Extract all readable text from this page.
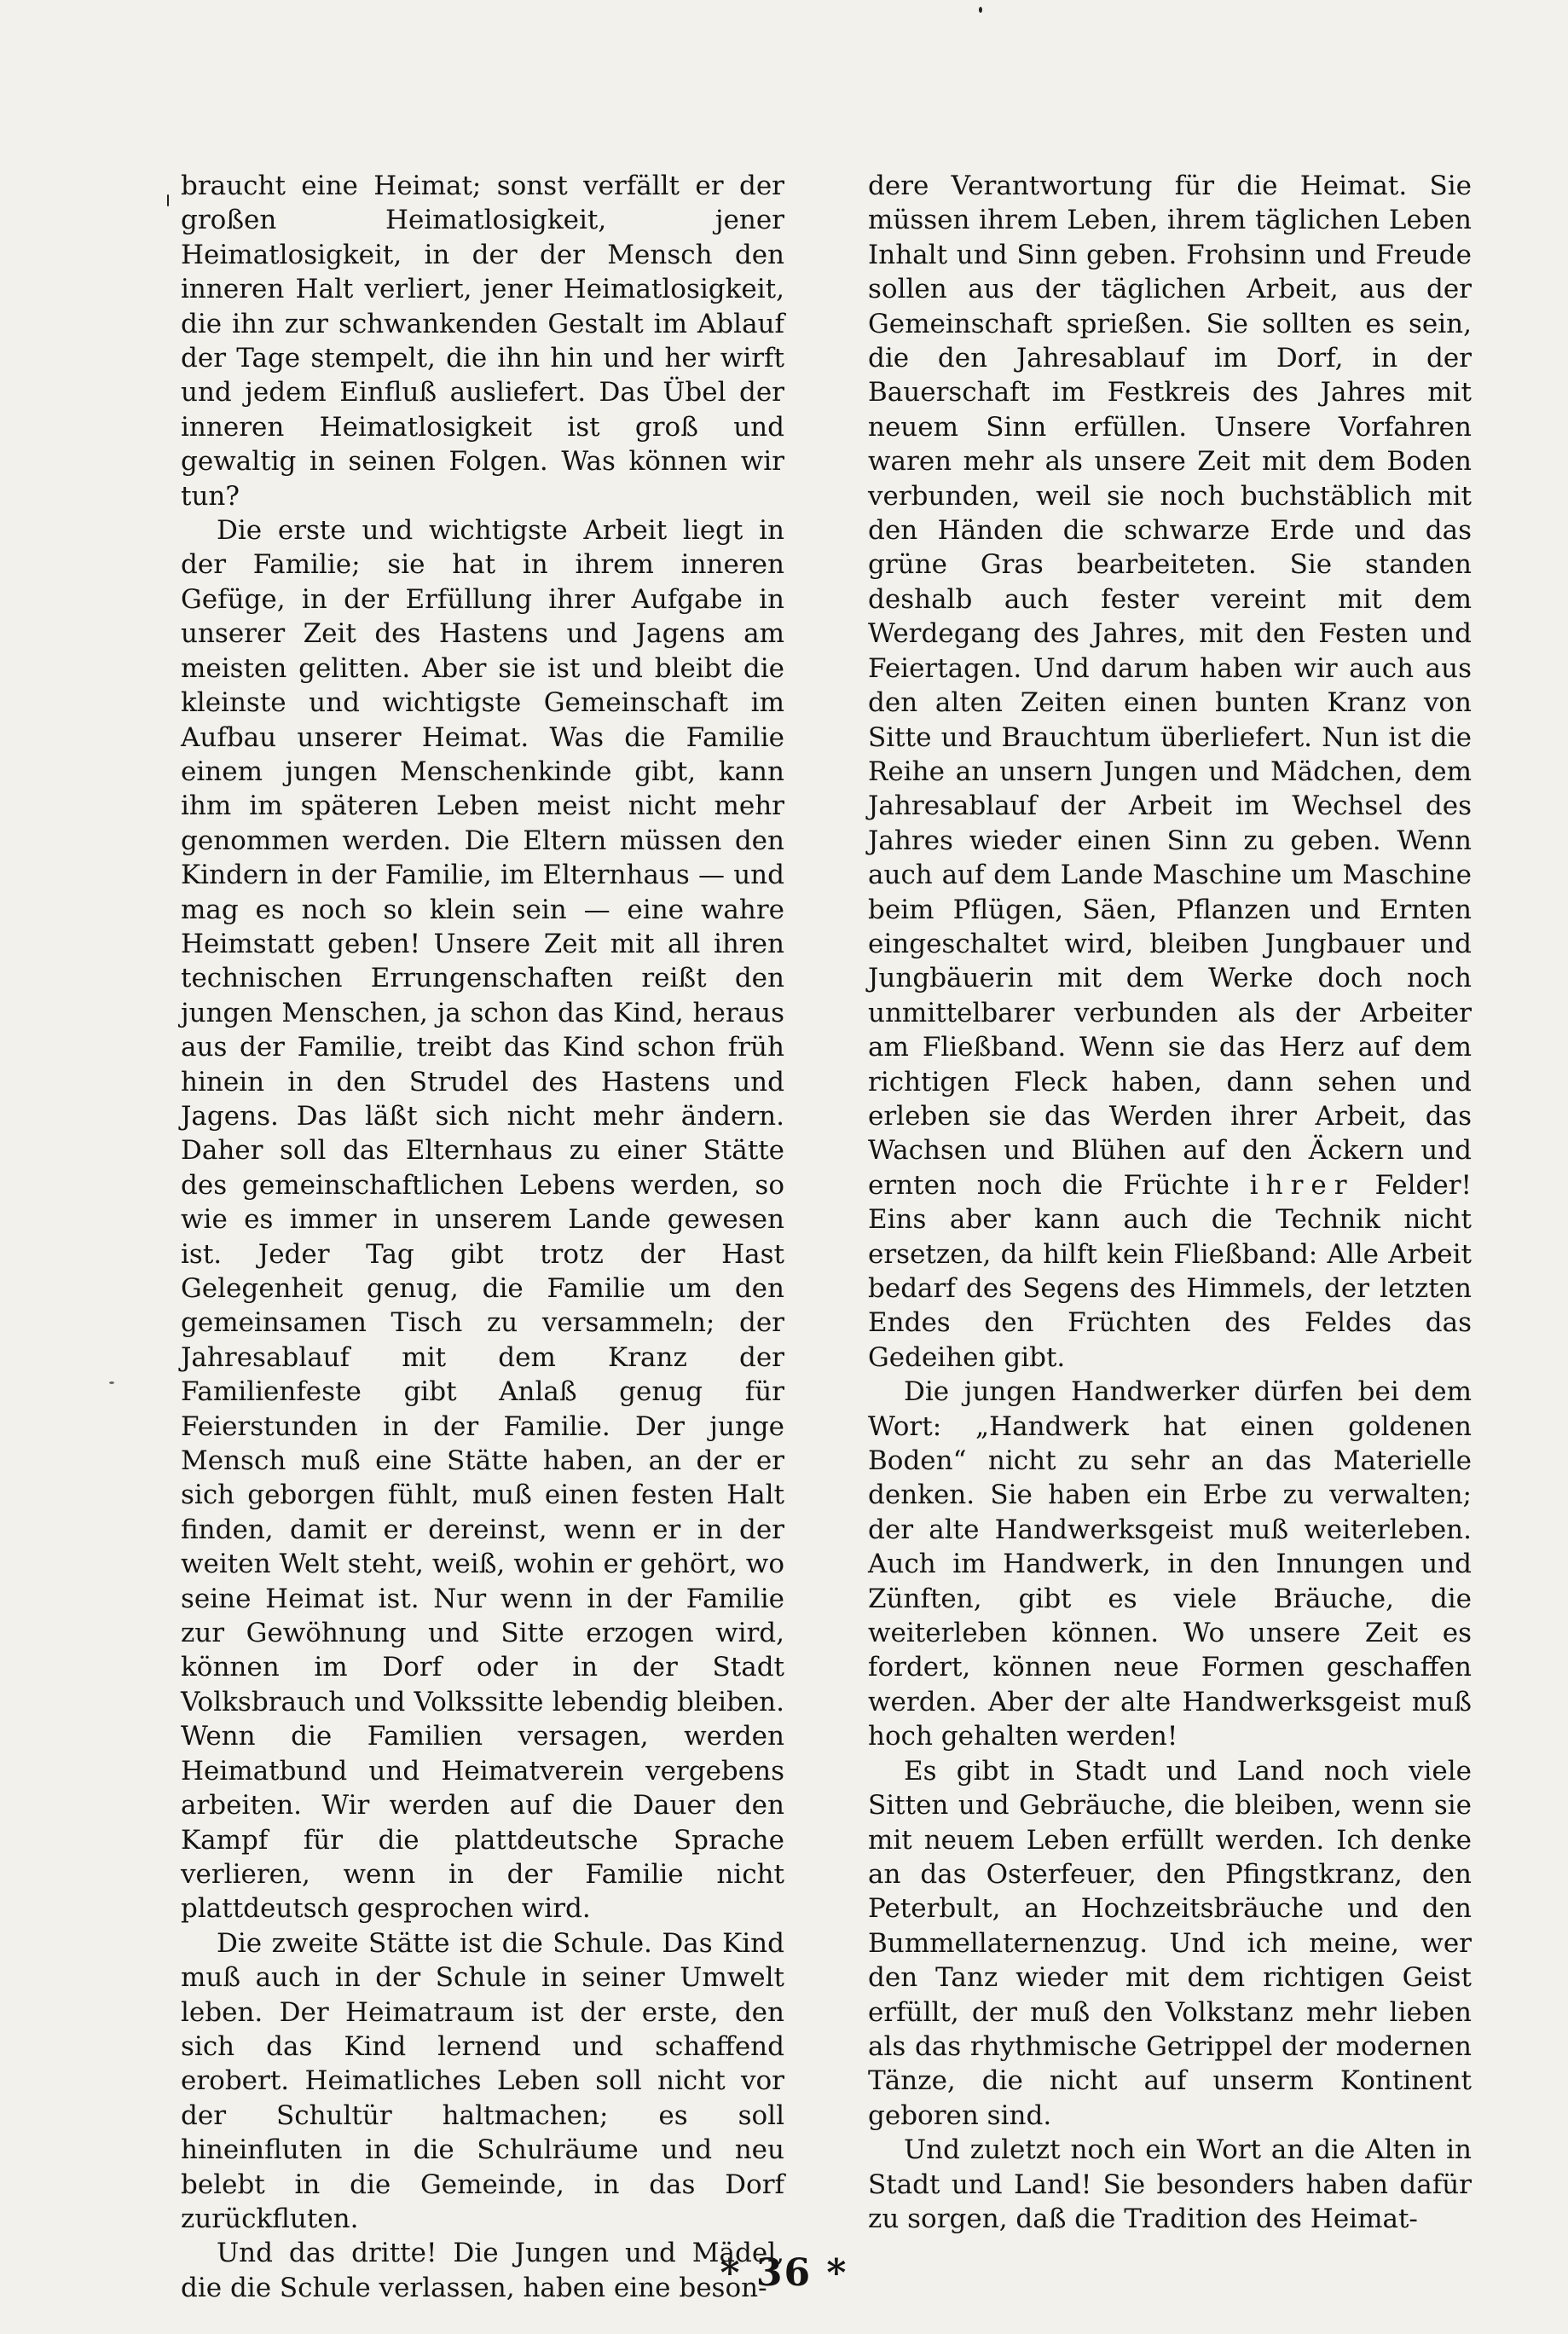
braucht eine Heimat; sonst verfällt er der großen Heimatlosigkeit, jener Heimatlosigkeit, in der der Mensch den inneren Halt verliert, jener Heimatlosigkeit, die ihn zur schwankenden Gestalt im Ablauf der Tage stempelt, die ihn hin und her wirft und jedem Einfluß ausliefert. Das Übel der inneren Heimatlosigkeit ist groß und gewaltig in seinen Folgen. Was können wir tun?

Die erste und wichtigste Arbeit liegt in der Familie; sie hat in ihrem inneren Gefüge, in der Erfüllung ihrer Aufgabe in unserer Zeit des Hastens und Jagens am meisten gelitten. Aber sie ist und bleibt die kleinste und wichtigste Gemeinschaft im Aufbau unserer Heimat. Was die Familie einem jungen Menschenkinde gibt, kann ihm im späteren Leben meist nicht mehr genommen werden. Die Eltern müssen den Kindern in der Familie, im Elternhaus — und mag es noch so klein sein — eine wahre Heimstatt geben! Unsere Zeit mit all ihren technischen Errungenschaften reißt den jungen Menschen, ja schon das Kind, heraus aus der Familie, treibt das Kind schon früh hinein in den Strudel des Hastens und Jagens. Das läßt sich nicht mehr ändern. Daher soll das Elternhaus zu einer Stätte des gemeinschaftlichen Lebens werden, so wie es immer in unserem Lande gewesen ist. Jeder Tag gibt trotz der Hast Gelegenheit genug, die Familie um den gemeinsamen Tisch zu versammeln; der Jahresablauf mit dem Kranz der Familienfeste gibt Anlaß genug für Feierstunden in der Familie. Der junge Mensch muß eine Stätte haben, an der er sich geborgen fühlt, muß einen festen Halt finden, damit er dereinst, wenn er in der weiten Welt steht, weiß, wohin er gehört, wo seine Heimat ist. Nur wenn in der Familie zur Gewöhnung und Sitte erzogen wird, können im Dorf oder in der Stadt Volksbrauch und Volkssitte lebendig bleiben. Wenn die Familien versagen, werden Heimatbund und Heimatverein vergebens arbeiten. Wir werden auf die Dauer den Kampf für die plattdeutsche Sprache verlieren, wenn in der Familie nicht plattdeutsch gesprochen wird.

Die zweite Stätte ist die Schule. Das Kind muß auch in der Schule in seiner Umwelt leben. Der Heimatraum ist der erste, den sich das Kind lernend und schaffend erobert. Heimatliches Leben soll nicht vor der Schultür haltmachen; es soll hineinfluten in die Schulräume und neu belebt in die Gemeinde, in das Dorf zurückfluten.

Und das dritte! Die Jungen und Mädel, die die Schule verlassen, haben eine beson-

dere Verantwortung für die Heimat. Sie müssen ihrem Leben, ihrem täglichen Leben Inhalt und Sinn geben. Frohsinn und Freude sollen aus der täglichen Arbeit, aus der Gemeinschaft sprießen. Sie sollten es sein, die den Jahresablauf im Dorf, in der Bauerschaft im Festkreis des Jahres mit neuem Sinn erfüllen. Unsere Vorfahren waren mehr als unsere Zeit mit dem Boden verbunden, weil sie noch buchstäblich mit den Händen die schwarze Erde und das grüne Gras bearbeiteten. Sie standen deshalb auch fester vereint mit dem Werdegang des Jahres, mit den Festen und Feiertagen. Und darum haben wir auch aus den alten Zeiten einen bunten Kranz von Sitte und Brauchtum überliefert. Nun ist die Reihe an unsern Jungen und Mädchen, dem Jahresablauf der Arbeit im Wechsel des Jahres wieder einen Sinn zu geben. Wenn auch auf dem Lande Maschine um Maschine beim Pflügen, Säen, Pflanzen und Ernten eingeschaltet wird, bleiben Jungbauer und Jungbäuerin mit dem Werke doch noch unmittelbarer verbunden als der Arbeiter am Fließband. Wenn sie das Herz auf dem richtigen Fleck haben, dann sehen und erleben sie das Werden ihrer Arbeit, das Wachsen und Blühen auf den Äckern und ernten noch die Früchte ihrer Felder! Eins aber kann auch die Technik nicht ersetzen, da hilft kein Fließband: Alle Arbeit bedarf des Segens des Himmels, der letzten Endes den Früchten des Feldes das Gedeihen gibt.

Die jungen Handwerker dürfen bei dem Wort: „Handwerk hat einen goldenen Boden“ nicht zu sehr an das Materielle denken. Sie haben ein Erbe zu verwalten; der alte Handwerksgeist muß weiterleben. Auch im Handwerk, in den Innungen und Zünften, gibt es viele Bräuche, die weiterleben können. Wo unsere Zeit es fordert, können neue Formen geschaffen werden. Aber der alte Handwerksgeist muß hoch gehalten werden!

Es gibt in Stadt und Land noch viele Sitten und Gebräuche, die bleiben, wenn sie mit neuem Leben erfüllt werden. Ich denke an das Osterfeuer, den Pfingstkranz, den Peterbult, an Hochzeitsbräuche und den Bummellaternenzug. Und ich meine, wer den Tanz wieder mit dem richtigen Geist erfüllt, der muß den Volkstanz mehr lieben als das rhythmische Getrippel der modernen Tänze, die nicht auf unserm Kontinent geboren sind.

Und zuletzt noch ein Wort an die Alten in Stadt und Land! Sie besonders haben dafür zu sorgen, daß die Tradition des Heimat-

* 36 *
